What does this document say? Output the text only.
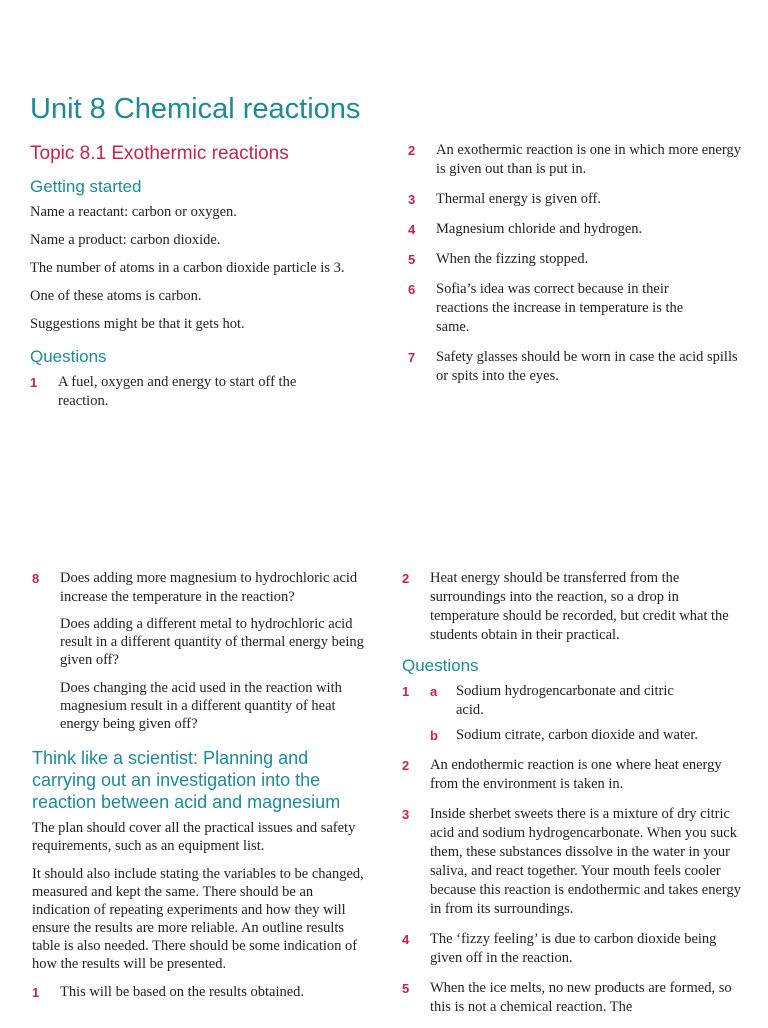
Unit 8 Chemical reactions
Topic 8.1 Exothermic reactions
Getting started

Name a reactant: carbon or oxygen.

Name a product: carbon dioxide.

The number of atoms in a carbon dioxide particle is 3.

One of these atoms is carbon.

Suggestions might be that it gets hot.

Questions
1	A fuel, oxygen and energy to start off the reaction.
2	An exothermic reaction is one in which more energy is given out than is put in.
3	Thermal energy is given off.
4	Magnesium chloride and hydrogen.
5	When the fizzing stopped.
6	Sofia’s idea was correct because in their reactions the increase in temperature is the same.
7	Safety glasses should be worn in case the acid spills or spits into the eyes.
8	Does adding more magnesium to hydrochloric acid increase the temperature in the reaction?

Does adding a different metal to hydrochloric acid result in a different quantity of thermal energy being given off?

Does changing the acid used in the reaction with magnesium result in a different quantity of heat energy being given off?

Think like a scientist: Planning and carrying out an investigation into the reaction between acid and magnesium

The plan should cover all the practical issues and safety requirements, such as an equipment list.

It should also include stating the variables to be changed, measured and kept the same. There should be an indication of repeating experiments and how they will ensure the results are more reliable. An outline results table is also needed. There should be some indication of how the results will be presented.

1	This will be based on the results obtained.
2	Heat energy should be transferred from the surroundings into the reaction, so a drop in temperature should be recorded, but credit what the students obtain in their practical.
Questions
1	a	Sodium hydrogencarbonate and citric acid.
b	Sodium citrate, carbon dioxide and water.
2	An endothermic reaction is one where heat energy from the environment is taken in.
3	Inside sherbet sweets there is a mixture of dry citric acid and sodium hydrogencarbonate. When you suck them, these substances dissolve in the water in your saliva, and react together. Your mouth feels cooler because this reaction is endothermic and takes energy in from its surroundings.
4	The ‘fizzy feeling’ is due to carbon dioxide being given off in the reaction.
5	When the ice melts, no new products are formed, so this is not a chemical reaction. The
